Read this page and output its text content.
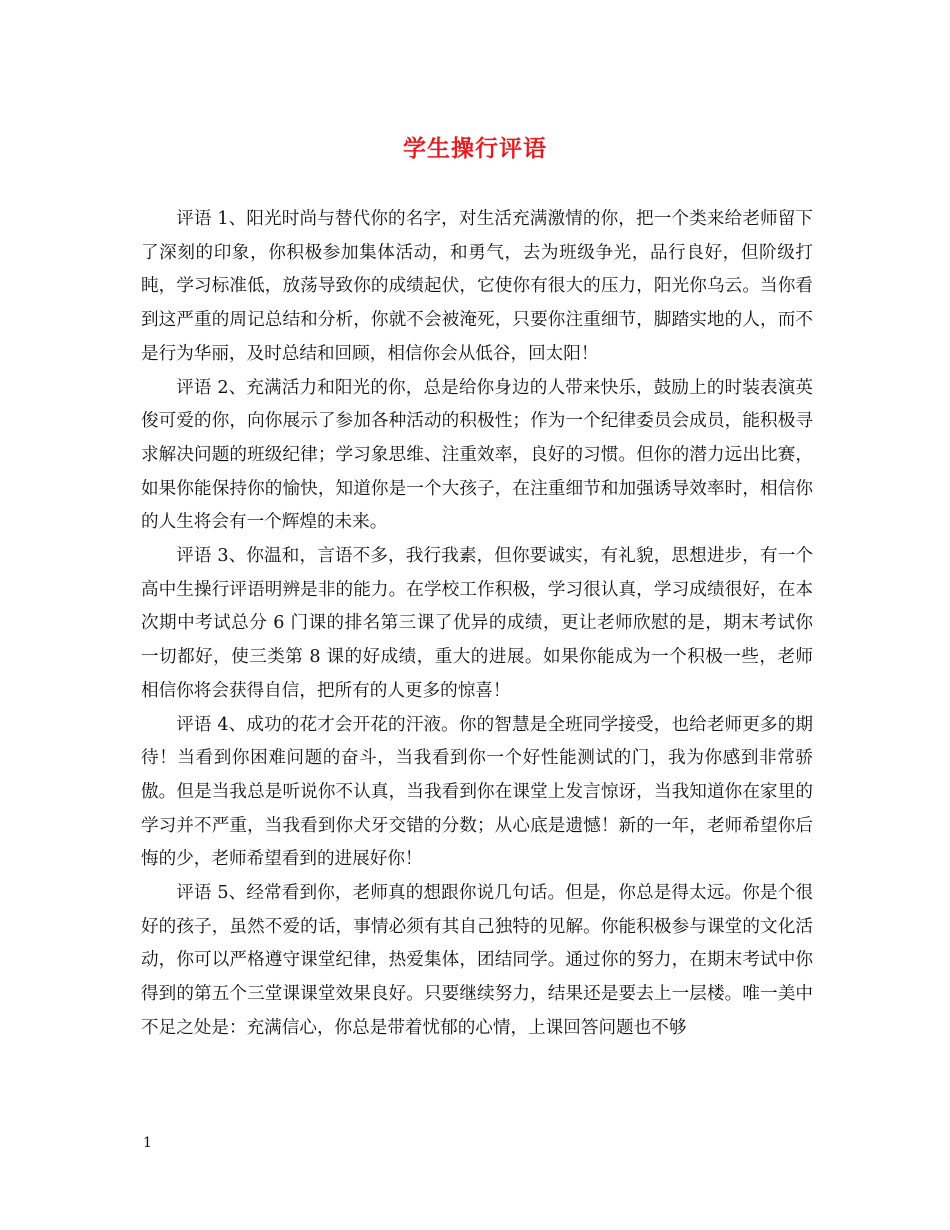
学生操行评语

评语 1、阳光时尚与替代你的名字，对生活充满激情的你，把一个类来给老师留下了深刻的印象，你积极参加集体活动，和勇气，去为班级争光，品行良好，但阶级打盹，学习标准低，放荡导致你的成绩起伏，它使你有很大的压力，阳光你乌云。当你看到这严重的周记总结和分析，你就不会被淹死，只要你注重细节，脚踏实地的人，而不是行为华丽，及时总结和回顾，相信你会从低谷，回太阳！

评语 2、充满活力和阳光的你，总是给你身边的人带来快乐，鼓励上的时装表演英俊可爱的你，向你展示了参加各种活动的积极性；作为一个纪律委员会成员，能积极寻求解决问题的班级纪律；学习象思维、注重效率，良好的习惯。但你的潜力远出比赛，如果你能保持你的愉快，知道你是一个大孩子，在注重细节和加强诱导效率时，相信你的人生将会有一个辉煌的未来。

评语 3、你温和，言语不多，我行我素，但你要诚实，有礼貌，思想进步，有一个高中生操行评语明辨是非的能力。在学校工作积极，学习很认真，学习成绩很好，在本次期中考试总分 6 门课的排名第三课了优异的成绩，更让老师欣慰的是，期末考试你一切都好，使三类第 8 课的好成绩，重大的进展。如果你能成为一个积极一些，老师相信你将会获得自信，把所有的人更多的惊喜！

评语 4、成功的花才会开花的汗液。你的智慧是全班同学接受，也给老师更多的期待！当看到你困难问题的奋斗，当我看到你一个好性能测试的门，我为你感到非常骄傲。但是当我总是听说你不认真，当我看到你在课堂上发言惊讶，当我知道你在家里的学习并不严重，当我看到你犬牙交错的分数；从心底是遗憾！新的一年，老师希望你后悔的少，老师希望看到的进展好你！

评语 5、经常看到你，老师真的想跟你说几句话。但是，你总是得太远。你是个很好的孩子，虽然不爱的话，事情必须有其自己独特的见解。你能积极参与课堂的文化活动，你可以严格遵守课堂纪律，热爱集体，团结同学。通过你的努力，在期末考试中你得到的第五个三堂课课堂效果良好。只要继续努力，结果还是要去上一层楼。唯一美中不足之处是：充满信心，你总是带着忧郁的心情，上课回答问题也不够

1
